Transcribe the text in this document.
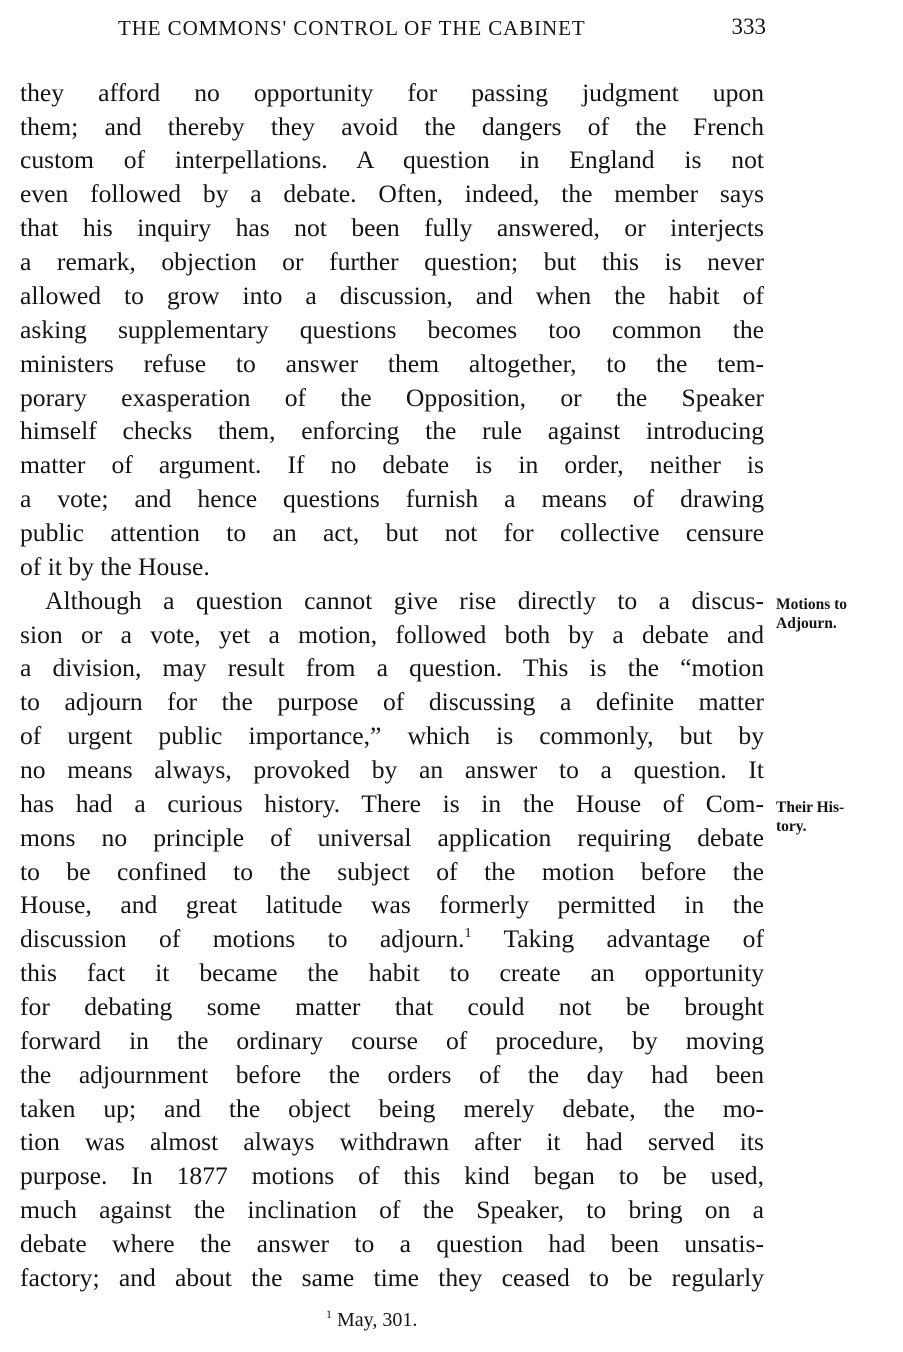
THE COMMONS' CONTROL OF THE CABINET	333
they afford no opportunity for passing judgment upon
them; and thereby they avoid the dangers of the French
custom of interpellations. A question in England is not
even followed by a debate. Often, indeed, the member says
that his inquiry has not been fully answered, or interjects
a remark, objection or further question; but this is never
allowed to grow into a discussion, and when the habit of
asking supplementary questions becomes too common the
ministers refuse to answer them altogether, to the tem-
porary exasperation of the Opposition, or the Speaker
himself checks them, enforcing the rule against introducing
matter of argument. If no debate is in order, neither is
a vote; and hence questions furnish a means of drawing
public attention to an act, but not for collective censure
of it by the House.
Although a question cannot give rise directly to a discus-
sion or a vote, yet a motion, followed both by a debate and
a division, may result from a question. This is the “motion
to adjourn for the purpose of discussing a definite matter
of urgent public importance,” which is commonly, but by
no means always, provoked by an answer to a question. It
has had a curious history. There is in the House of Com-
mons no principle of universal application requiring debate
to be confined to the subject of the motion before the
House, and great latitude was formerly permitted in the
discussion of motions to adjourn.$^1$ Taking advantage of
this fact it became the habit to create an opportunity
for debating some matter that could not be brought
forward in the ordinary course of procedure, by moving
the adjournment before the orders of the day had been
taken up; and the object being merely debate, the mo-
tion was almost always withdrawn after it had served its
purpose. In 1877 motions of this kind began to be used,
much against the inclination of the Speaker, to bring on a
debate where the answer to a question had been unsatis-
factory; and about the same time they ceased to be regularly
Motions to
Adjourn.
Their His-
tory.
$^1$ May, 301.
